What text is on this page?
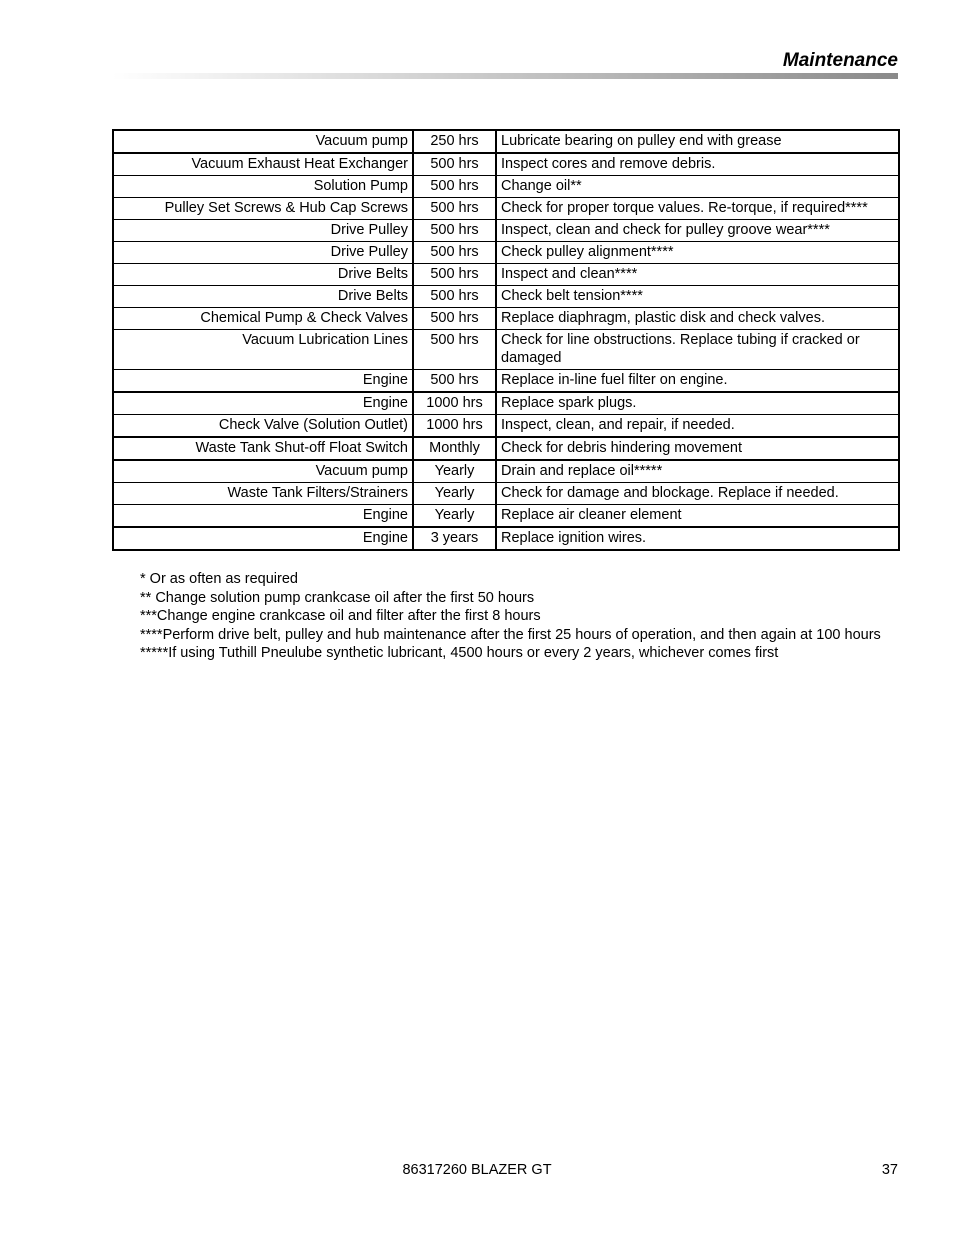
Maintenance
Vacuum pump	250 hrs	Lubricate bearing on pulley end with grease
Vacuum Exhaust Heat Exchanger	500 hrs	Inspect cores and remove debris.
Solution Pump	500 hrs	Change oil**
Pulley Set Screws & Hub Cap Screws	500 hrs	Check for proper torque values. Re-torque, if required****
Drive Pulley	500 hrs	Inspect, clean and check for pulley groove wear****
Drive Pulley	500 hrs	Check pulley alignment****
Drive Belts	500 hrs	Inspect and clean****
Drive Belts	500 hrs	Check belt tension****
Chemical Pump & Check Valves	500 hrs	Replace diaphragm, plastic disk and check valves.
Vacuum Lubrication Lines	500 hrs	Check for line obstructions. Replace tubing if cracked or damaged
Engine	500 hrs	Replace in-line fuel filter on engine.
Engine	1000 hrs	Replace spark plugs.
Check Valve (Solution Outlet)	1000 hrs	Inspect, clean, and repair, if needed.
Waste Tank Shut-off Float Switch	Monthly	Check for debris hindering movement
Vacuum pump	Yearly	Drain and replace oil*****
Waste Tank Filters/Strainers	Yearly	Check for damage and blockage. Replace if needed.
Engine	Yearly	Replace air cleaner element
Engine	3 years	Replace ignition wires.
* Or as often as required
** Change solution pump crankcase oil after the first 50 hours
***Change engine crankcase oil and filter after the first 8 hours
****Perform drive belt, pulley and hub maintenance after the first 25 hours of operation, and then again at 100 hours
*****If using Tuthill Pneulube synthetic lubricant, 4500 hours or every 2 years, whichever comes first
86317260 BLAZER GT	37
